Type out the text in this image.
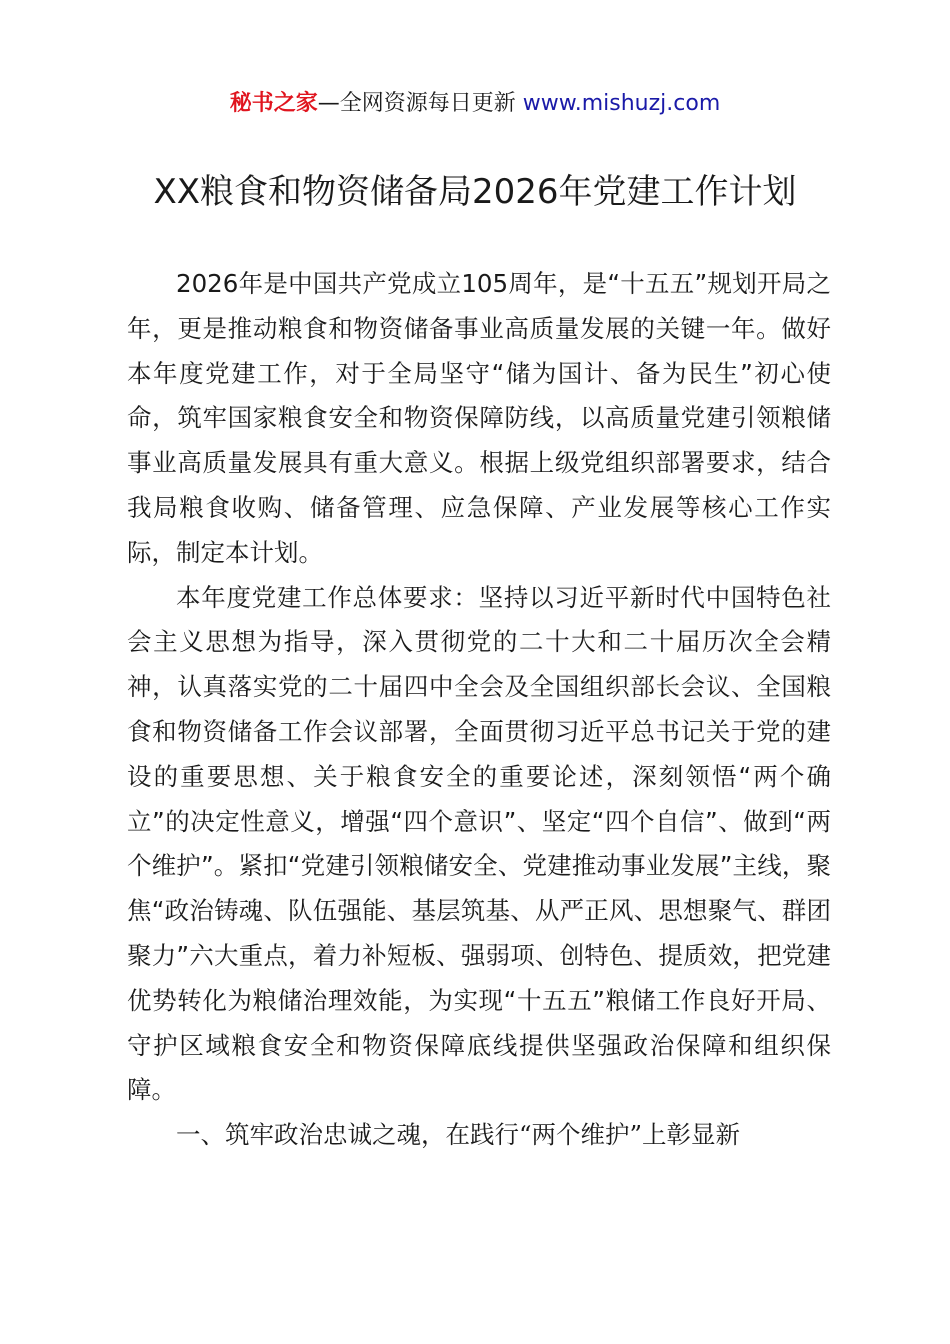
秘书之家—全网资源每日更新 www.mishuzj.com
XX粮食和物资储备局2026年党建工作计划

2026年是中国共产党成立105周年，是“十五五”规划开局之年，更是推动粮食和物资储备事业高质量发展的关键一年。做好本年度党建工作，对于全局坚守“储为国计、备为民生”初心使命，筑牢国家粮食安全和物资保障防线，以高质量党建引领粮储事业高质量发展具有重大意义。根据上级党组织部署要求，结合我局粮食收购、储备管理、应急保障、产业发展等核心工作实际，制定本计划。

本年度党建工作总体要求：坚持以习近平新时代中国特色社会主义思想为指导，深入贯彻党的二十大和二十届历次全会精神，认真落实党的二十届四中全会及全国组织部长会议、全国粮食和物资储备工作会议部署，全面贯彻习近平总书记关于党的建设的重要思想、关于粮食安全的重要论述，深刻领悟“两个确立”的决定性意义，增强“四个意识”、坚定“四个自信”、做到“两个维护”。紧扣“党建引领粮储安全、党建推动事业发展”主线，聚焦“政治铸魂、队伍强能、基层筑基、从严正风、思想聚气、群团聚力”六大重点，着力补短板、强弱项、创特色、提质效，把党建优势转化为粮储治理效能，为实现“十五五”粮储工作良好开局、守护区域粮食安全和物资保障底线提供坚强政治保障和组织保障。

一、筑牢政治忠诚之魂，在践行“两个维护”上彰显新
